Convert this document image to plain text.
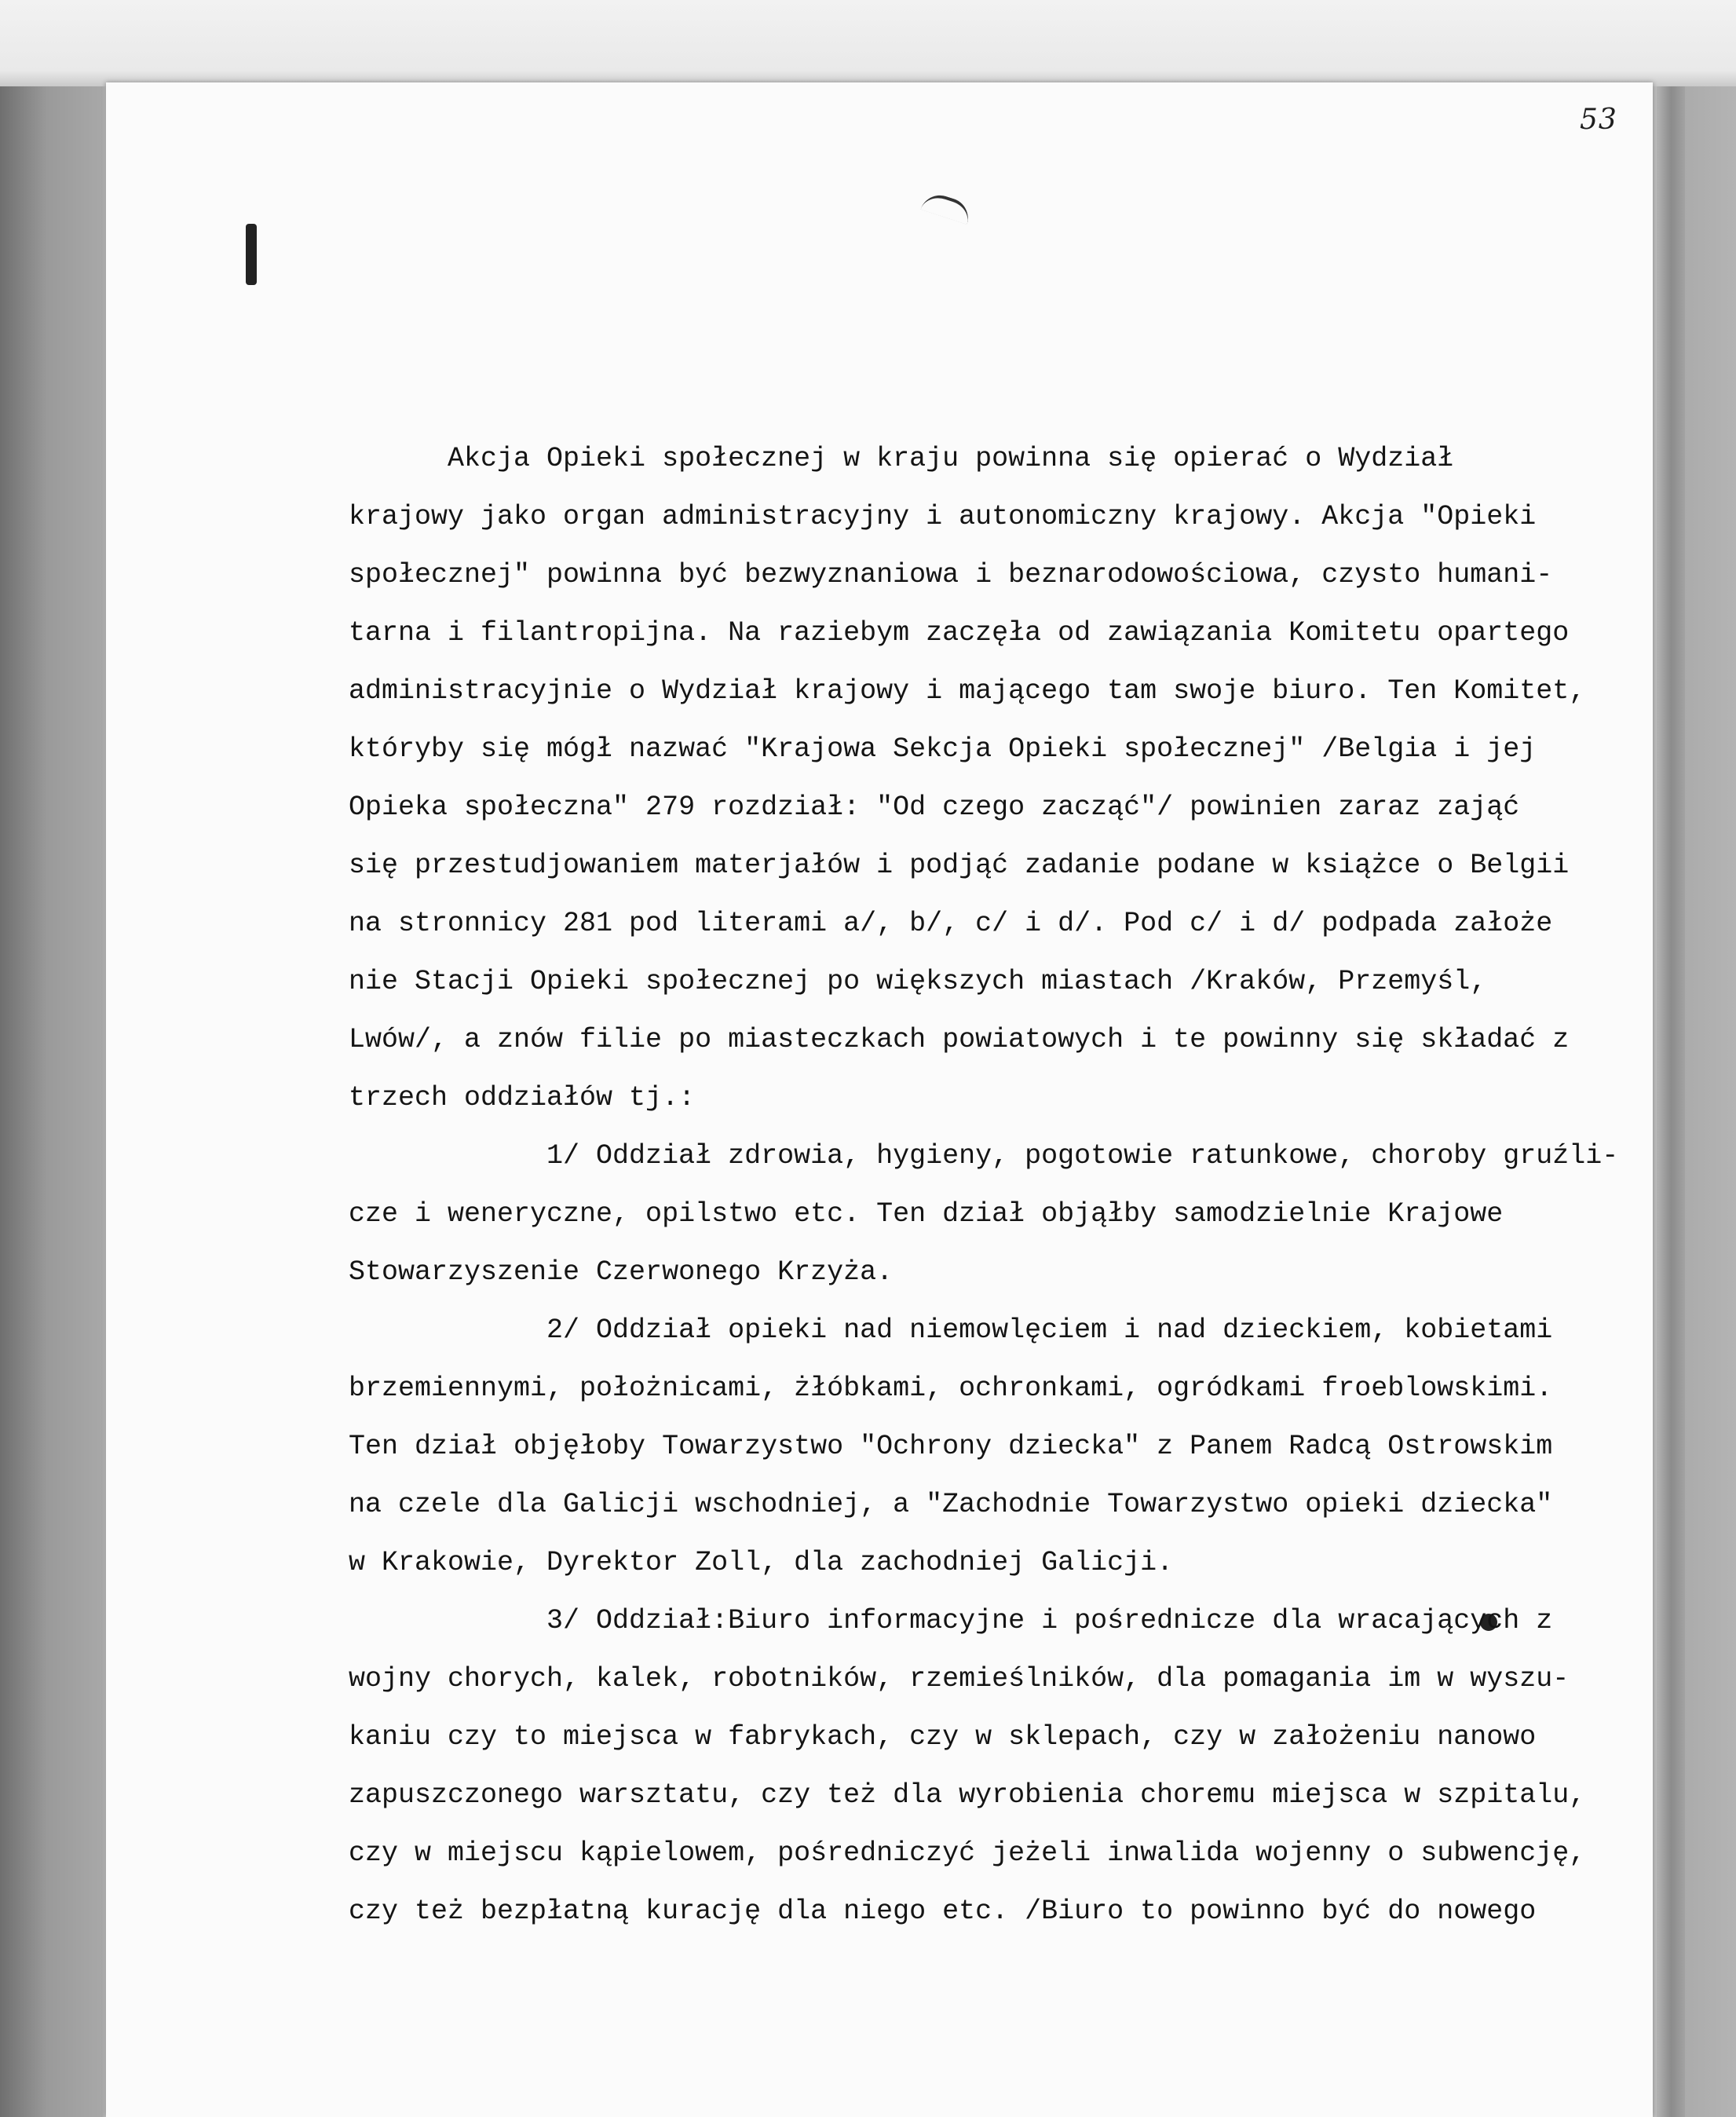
53
Akcja Opieki społecznej w kraju powinna się opierać o Wydział
krajowy jako organ administracyjny i autonomiczny krajowy. Akcja "Opieki
społecznej" powinna być bezwyznaniowa i beznarodowościowa, czysto humani-
tarna i filantropijna. Na raziebym zaczęła od zawiązania Komitetu opartego
administracyjnie o Wydział krajowy i mającego tam swoje biuro. Ten Komitet,
któryby się mógł nazwać "Krajowa Sekcja Opieki społecznej" /Belgia i jej
Opieka społeczna" 279 rozdział: "Od czego zacząć"/ powinien zaraz zająć
się przestudjowaniem materjałów i podjąć zadanie podane w książce o Belgii
na stronnicy 281 pod literami a/, b/, c/ i d/. Pod c/ i d/ podpada założe
nie Stacji Opieki społecznej po większych miastach /Kraków, Przemyśl,
Lwów/, a znów filie po miasteczkach powiatowych i te powinny się składać z
trzech oddziałów tj.:
1/ Oddział zdrowia, hygieny, pogotowie ratunkowe, choroby gruźli-
cze i weneryczne, opilstwo etc. Ten dział objąłby samodzielnie Krajowe
Stowarzyszenie Czerwonego Krzyża.
2/ Oddział opieki nad niemowlęciem i nad dzieckiem, kobietami
brzemiennymi, położnicami, żłóbkami, ochronkami, ogródkami froeblowskimi.
Ten dział objęłoby Towarzystwo "Ochrony dziecka" z Panem Radcą Ostrowskim
na czele dla Galicji wschodniej, a "Zachodnie Towarzystwo opieki dziecka"
w Krakowie, Dyrektor Zoll, dla zachodniej Galicji.
3/ Oddział:Biuro informacyjne i pośrednicze dla wracających z
wojny chorych, kalek, robotników, rzemieślników, dla pomagania im w wyszu-
kaniu czy to miejsca w fabrykach, czy w sklepach, czy w założeniu nanowo
zapuszczonego warsztatu, czy też dla wyrobienia choremu miejsca w szpitalu,
czy w miejscu kąpielowem, pośredniczyć jeżeli inwalida wojenny o subwencję,
czy też bezpłatną kurację dla niego etc. /Biuro to powinno być do nowego
